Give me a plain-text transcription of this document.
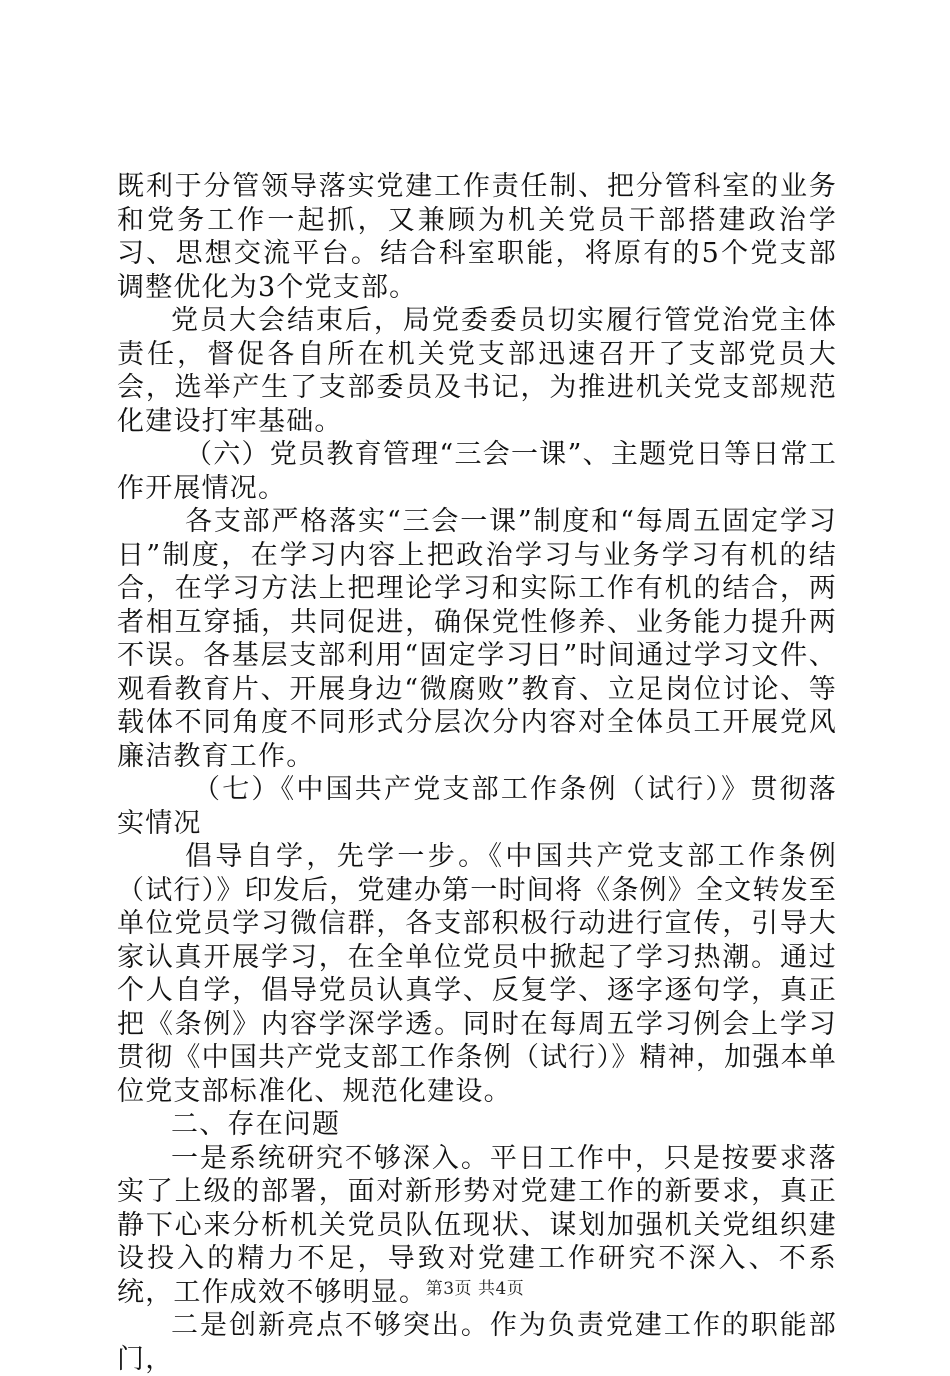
既利于分管领导落实党建工作责任制、把分管科室的业务和党务工作一起抓，又兼顾为机关党员干部搭建政治学习、思想交流平台。结合科室职能，将原有的5个党支部调整优化为3个党支部。

党员大会结束后，局党委委员切实履行管党治党主体责任，督促各自所在机关党支部迅速召开了支部党员大会，选举产生了支部委员及书记，为推进机关党支部规范化建设打牢基础。

（六）党员教育管理“三会一课”、主题党日等日常工作开展情况。

各支部严格落实“三会一课”制度和“每周五固定学习日”制度，在学习内容上把政治学习与业务学习有机的结合，在学习方法上把理论学习和实际工作有机的结合，两者相互穿插，共同促进，确保党性修养、业务能力提升两不误。各基层支部利用“固定学习日”时间通过学习文件、观看教育片、开展身边“微腐败”教育、立足岗位讨论、等载体不同角度不同形式分层次分内容对全体员工开展党风廉洁教育工作。

（七）《中国共产党支部工作条例（试行）》贯彻落实情况

倡导自学，先学一步。《中国共产党支部工作条例（试行）》印发后，党建办第一时间将《条例》全文转发至单位党员学习微信群，各支部积极行动进行宣传，引导大家认真开展学习，在全单位党员中掀起了学习热潮。通过个人自学，倡导党员认真学、反复学、逐字逐句学，真正把《条例》内容学深学透。同时在每周五学习例会上学习贯彻《中国共产党支部工作条例（试行）》精神，加强本单位党支部标准化、规范化建设。

二、存在问题

一是系统研究不够深入。平日工作中，只是按要求落实了上级的部署，面对新形势对党建工作的新要求，真正静下心来分析机关党员队伍现状、谋划加强机关党组织建设投入的精力不足，导致对党建工作研究不深入、不系统，工作成效不够明显。

二是创新亮点不够突出。作为负责党建工作的职能部门，

第3页 共4页
